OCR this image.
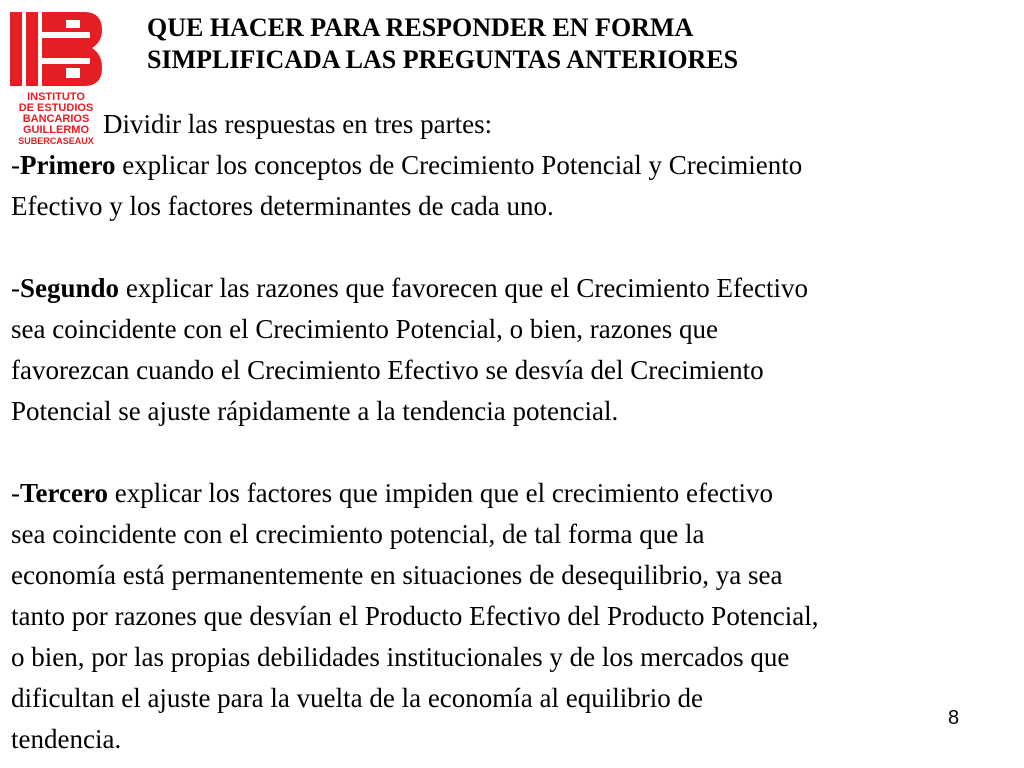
INSTITUTO
DE ESTUDIOS
BANCARIOS
GUILLERMO
SUBERCASEAUX
QUE HACER PARA RESPONDER EN FORMA
SIMPLIFICADA LAS PREGUNTAS ANTERIORES
Dividir las respuestas en tres partes:
-Primero explicar los conceptos de Crecimiento Potencial y Crecimiento
Efectivo y los factores determinantes de cada uno.
-Segundo explicar las razones que favorecen que el Crecimiento Efectivo
sea coincidente con el Crecimiento Potencial, o bien, razones que
favorezcan cuando el Crecimiento Efectivo se desvía del Crecimiento
Potencial se ajuste rápidamente a la tendencia potencial.
-Tercero explicar los factores que impiden que el crecimiento efectivo
sea coincidente con el crecimiento potencial, de tal forma que la
economía está permanentemente en situaciones de desequilibrio, ya sea
tanto por razones que desvían el Producto Efectivo del Producto Potencial,
o bien, por las propias debilidades institucionales y de los mercados que
dificultan el ajuste para la vuelta de la economía al equilibrio de
tendencia.
8
